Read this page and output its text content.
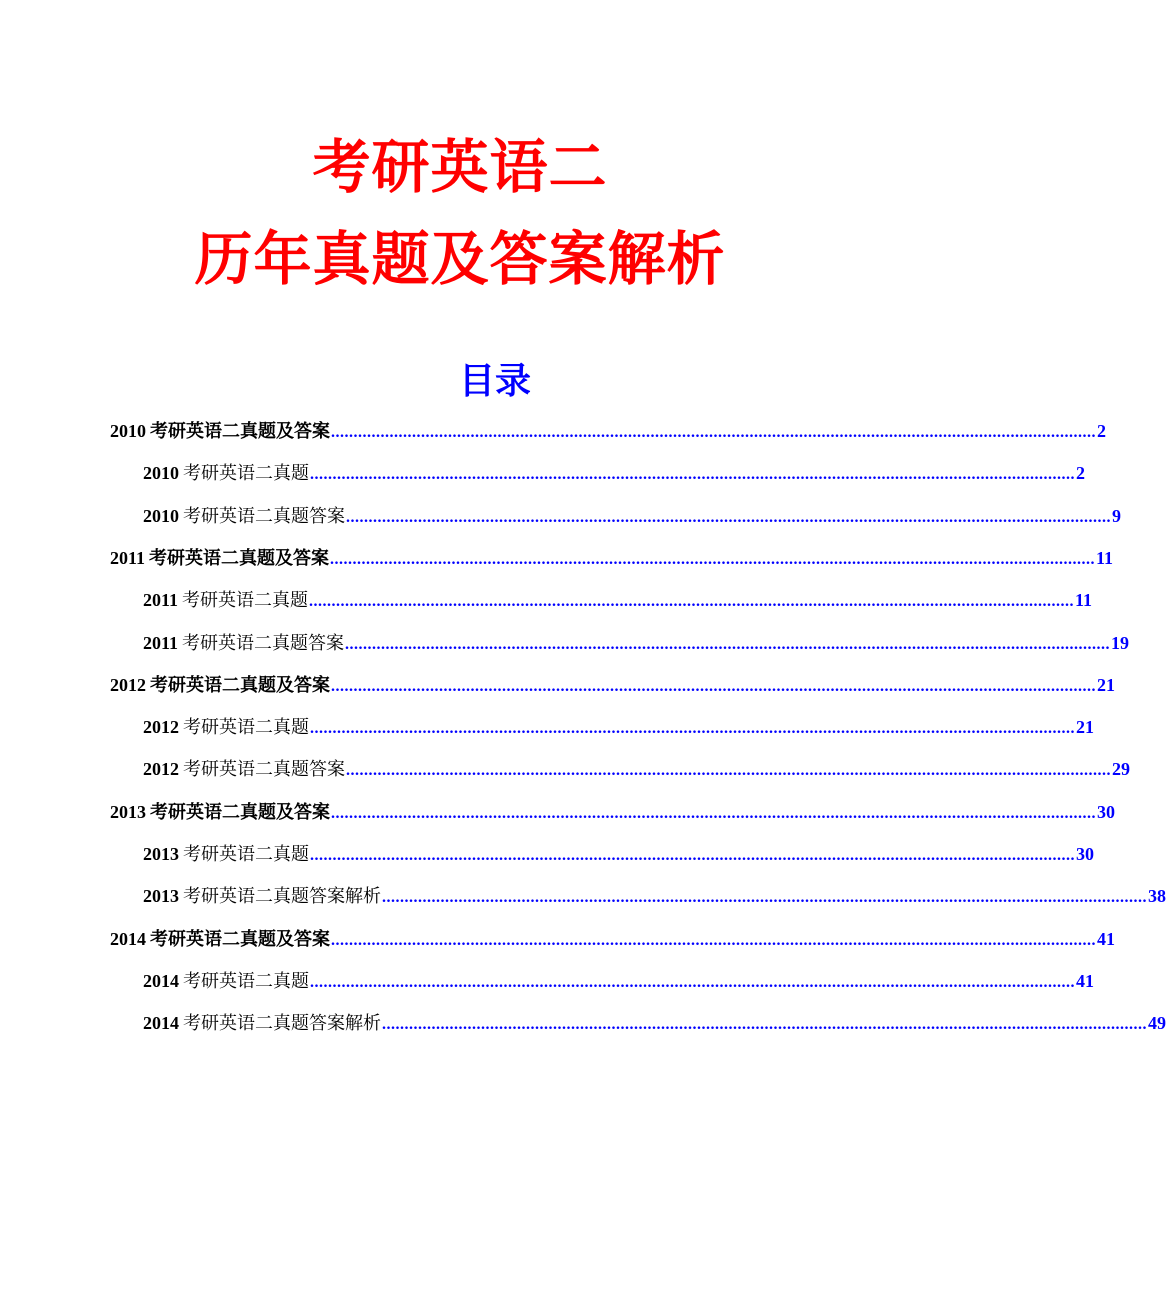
考研英语二
历年真题及答案解析
目录
2010 考研英语二真题及答案 .......................................................................................................................................................................... 2
2010 考研英语二真题 .......................................................................................................................................................................... 2
2010 考研英语二真题答案 .......................................................................................................................................................................... 9
2011 考研英语二真题及答案 .......................................................................................................................................................................... 11
2011 考研英语二真题 .......................................................................................................................................................................... 11
2011 考研英语二真题答案 .......................................................................................................................................................................... 19
2012 考研英语二真题及答案 .......................................................................................................................................................................... 21
2012 考研英语二真题 .......................................................................................................................................................................... 21
2012 考研英语二真题答案 .......................................................................................................................................................................... 29
2013 考研英语二真题及答案 .......................................................................................................................................................................... 30
2013 考研英语二真题 .......................................................................................................................................................................... 30
2013 考研英语二真题答案解析 .......................................................................................................................................................................... 38
2014 考研英语二真题及答案 .......................................................................................................................................................................... 41
2014 考研英语二真题 .......................................................................................................................................................................... 41
2014 考研英语二真题答案解析 .......................................................................................................................................................................... 49
